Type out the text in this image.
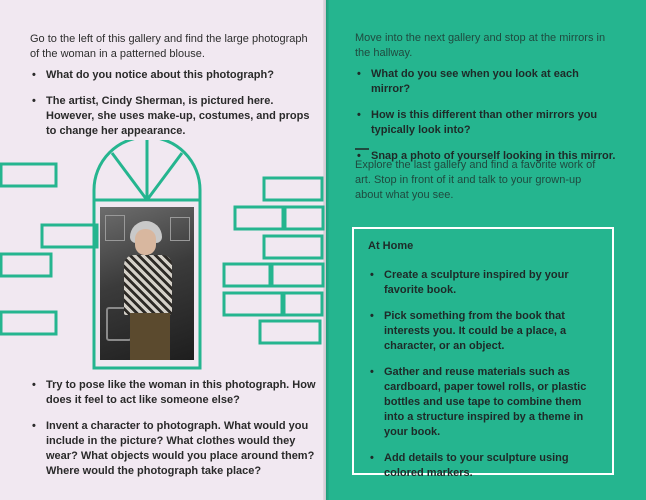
Go to the left of this gallery and find the large photograph of the woman in a patterned blouse.

• What do you notice about this photograph?
• The artist, Cindy Sherman, is pictured here. However, she uses make-up, costumes, and props to change her appearance.
• Try to pose like the woman in this photograph. How does it feel to act like someone else?
• Invent a character to photograph. What would you include in the picture? What clothes would they wear? What objects would you place around them? Where would the photograph take place?

Move into the next gallery and stop at the mirrors in the hallway.

• What do you see when you look at each mirror?
• How is this different than other mirrors you typically look into?
• Snap a photo of yourself looking in this mirror.

Explore the last gallery and find a favorite work of art. Stop in front of it and talk to your grown-up about what you see.

At Home

• Create a sculpture inspired by your favorite book.
• Pick something from the book that interests you. It could be a place, a character, or an object.
• Gather and reuse materials such as cardboard, paper towel rolls, or plastic bottles and use tape to combine them into a structure inspired by a theme in your book.
• Add details to your sculpture using colored markers.
